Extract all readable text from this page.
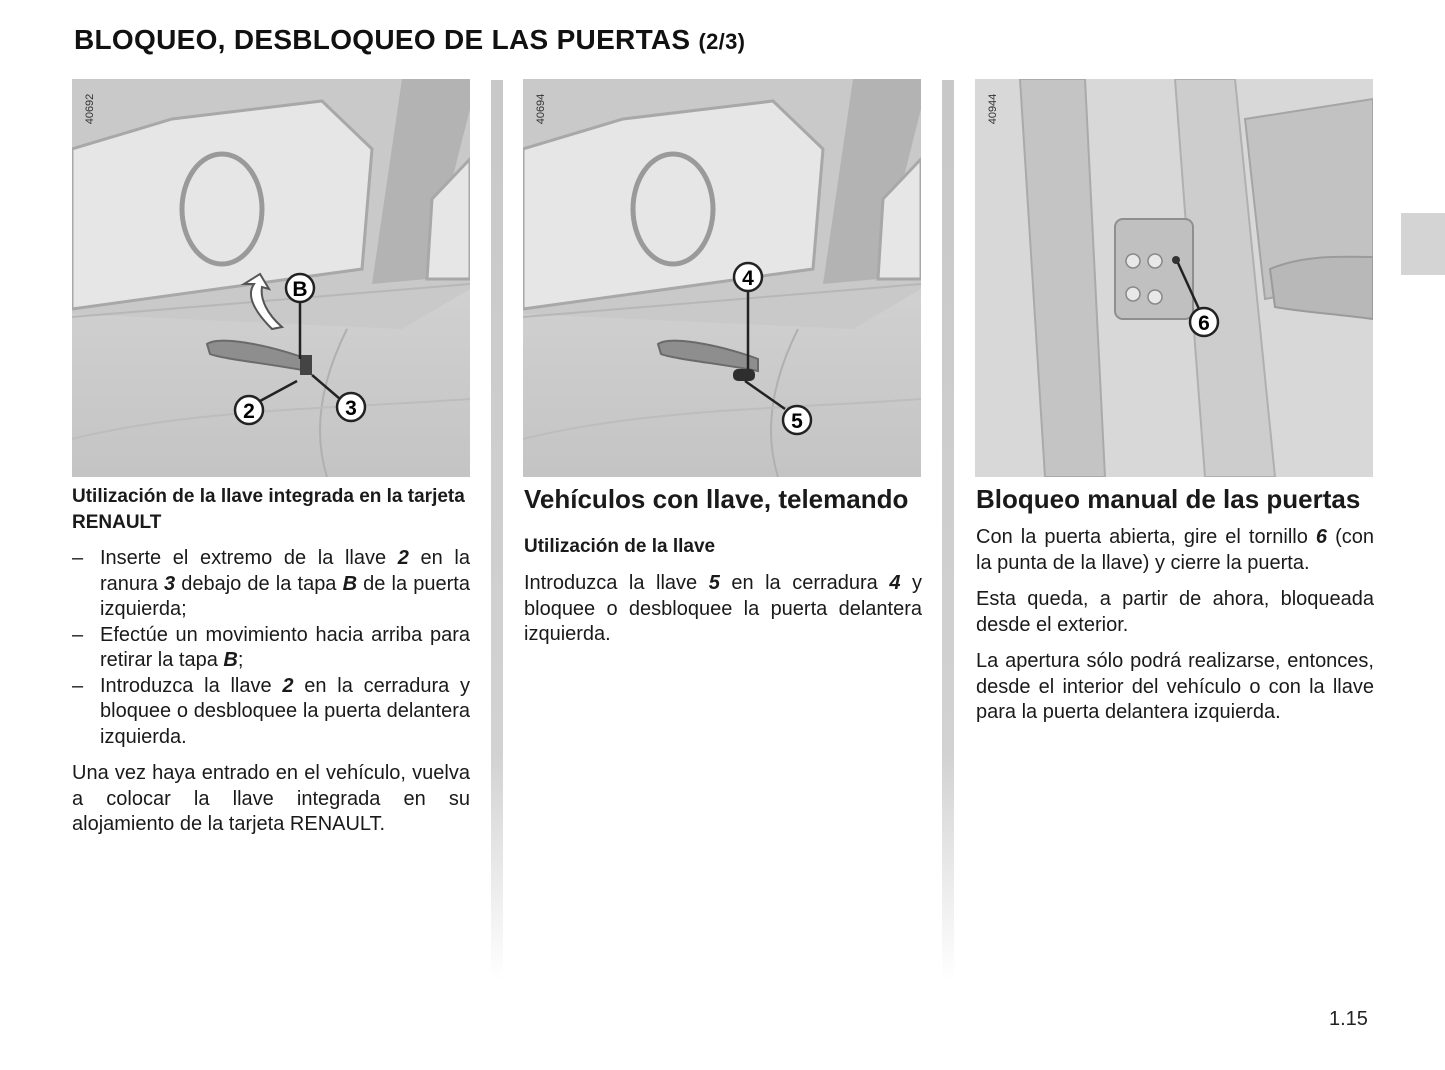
BLOQUEO, DESBLOQUEO DE LAS PUERTAS (2/3)
B
2	3
40692
4
5
40694
6
40944

Utilización de la llave integrada en la tarjeta RENAULT

– Inserte el extremo de la llave 2 en la ranura 3 debajo de la tapa B de la puerta izquierda;
– Efectúe un movimiento hacia arriba para retirar la tapa B;
– Introduzca la llave 2 en la cerradura y bloquee o desbloquee la puerta delantera izquierda.

Una vez haya entrado en el vehículo, vuelva a colocar la llave integrada en su alojamiento de la tarjeta RENAULT.

Vehículos con llave, telemando

Utilización de la llave

Introduzca la llave 5 en la cerradura 4 y bloquee o desbloquee la puerta delantera izquierda.

Bloqueo manual de las puertas

Con la puerta abierta, gire el tornillo 6 (con la punta de la llave) y cierre la puerta.

Esta queda, a partir de ahora, bloqueada desde el exterior.

La apertura sólo podrá realizarse, entonces, desde el interior del vehículo o con la llave para la puerta delantera izquierda.

1.15
